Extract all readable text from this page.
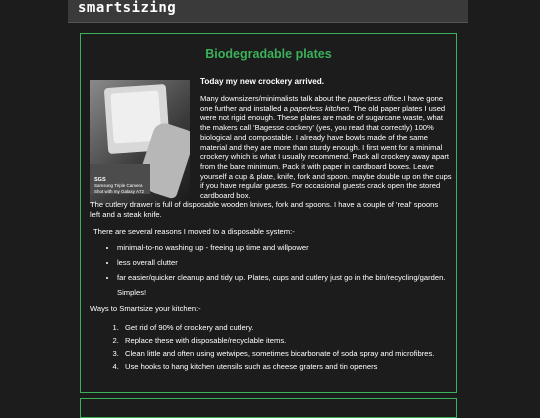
smartsizing
Biodegradable plates
SGS
Samsung Triple Camera
Shot with my Galaxy A72
Today my new crockery arrived.
Many downsizers/minimalists talk about the paperless office.I have gone one further and installed a paperless kitchen. The old paper plates I used were not rigid enough. These plates are made of sugarcane waste, what the makers call 'Bagesse cockery' (yes, you read that correctly) 100% biological and compostable. I already have bowls made of the same material and they are more than sturdy enough. I first went for a minimal crockery which is what I usually recommend. Pack all crockery away apart from the bare minimum. Pack it with paper in cardboard boxes. Leave yourself a cup & plate, knife, fork and spoon. maybe double up on the cups if you have regular guests. For occasional guests crack open the stored cardboard box.
The cutlery drawer is full of disposable wooden knives, fork and spoons. I have a couple of 'real' spoons left and a steak knife.
There are several reasons I moved to a disposable system:-
• minimal-to-no washing up - freeing up time and willpower
• less overall clutter
• far easier/quicker cleanup and tidy up. Plates, cups and cutlery just go in the bin/recycling/garden. Simples!
Ways to Smartsize your kitchen:-
1. Get rid of 90% of crockery and cutlery.
2. Replace these with disposable/recyclable items.
3. Clean little and often using wetwipes, sometimes bicarbonate of soda spray and microfibres.
4. Use hooks to hang kitchen utensils such as cheese graters and tin openers
